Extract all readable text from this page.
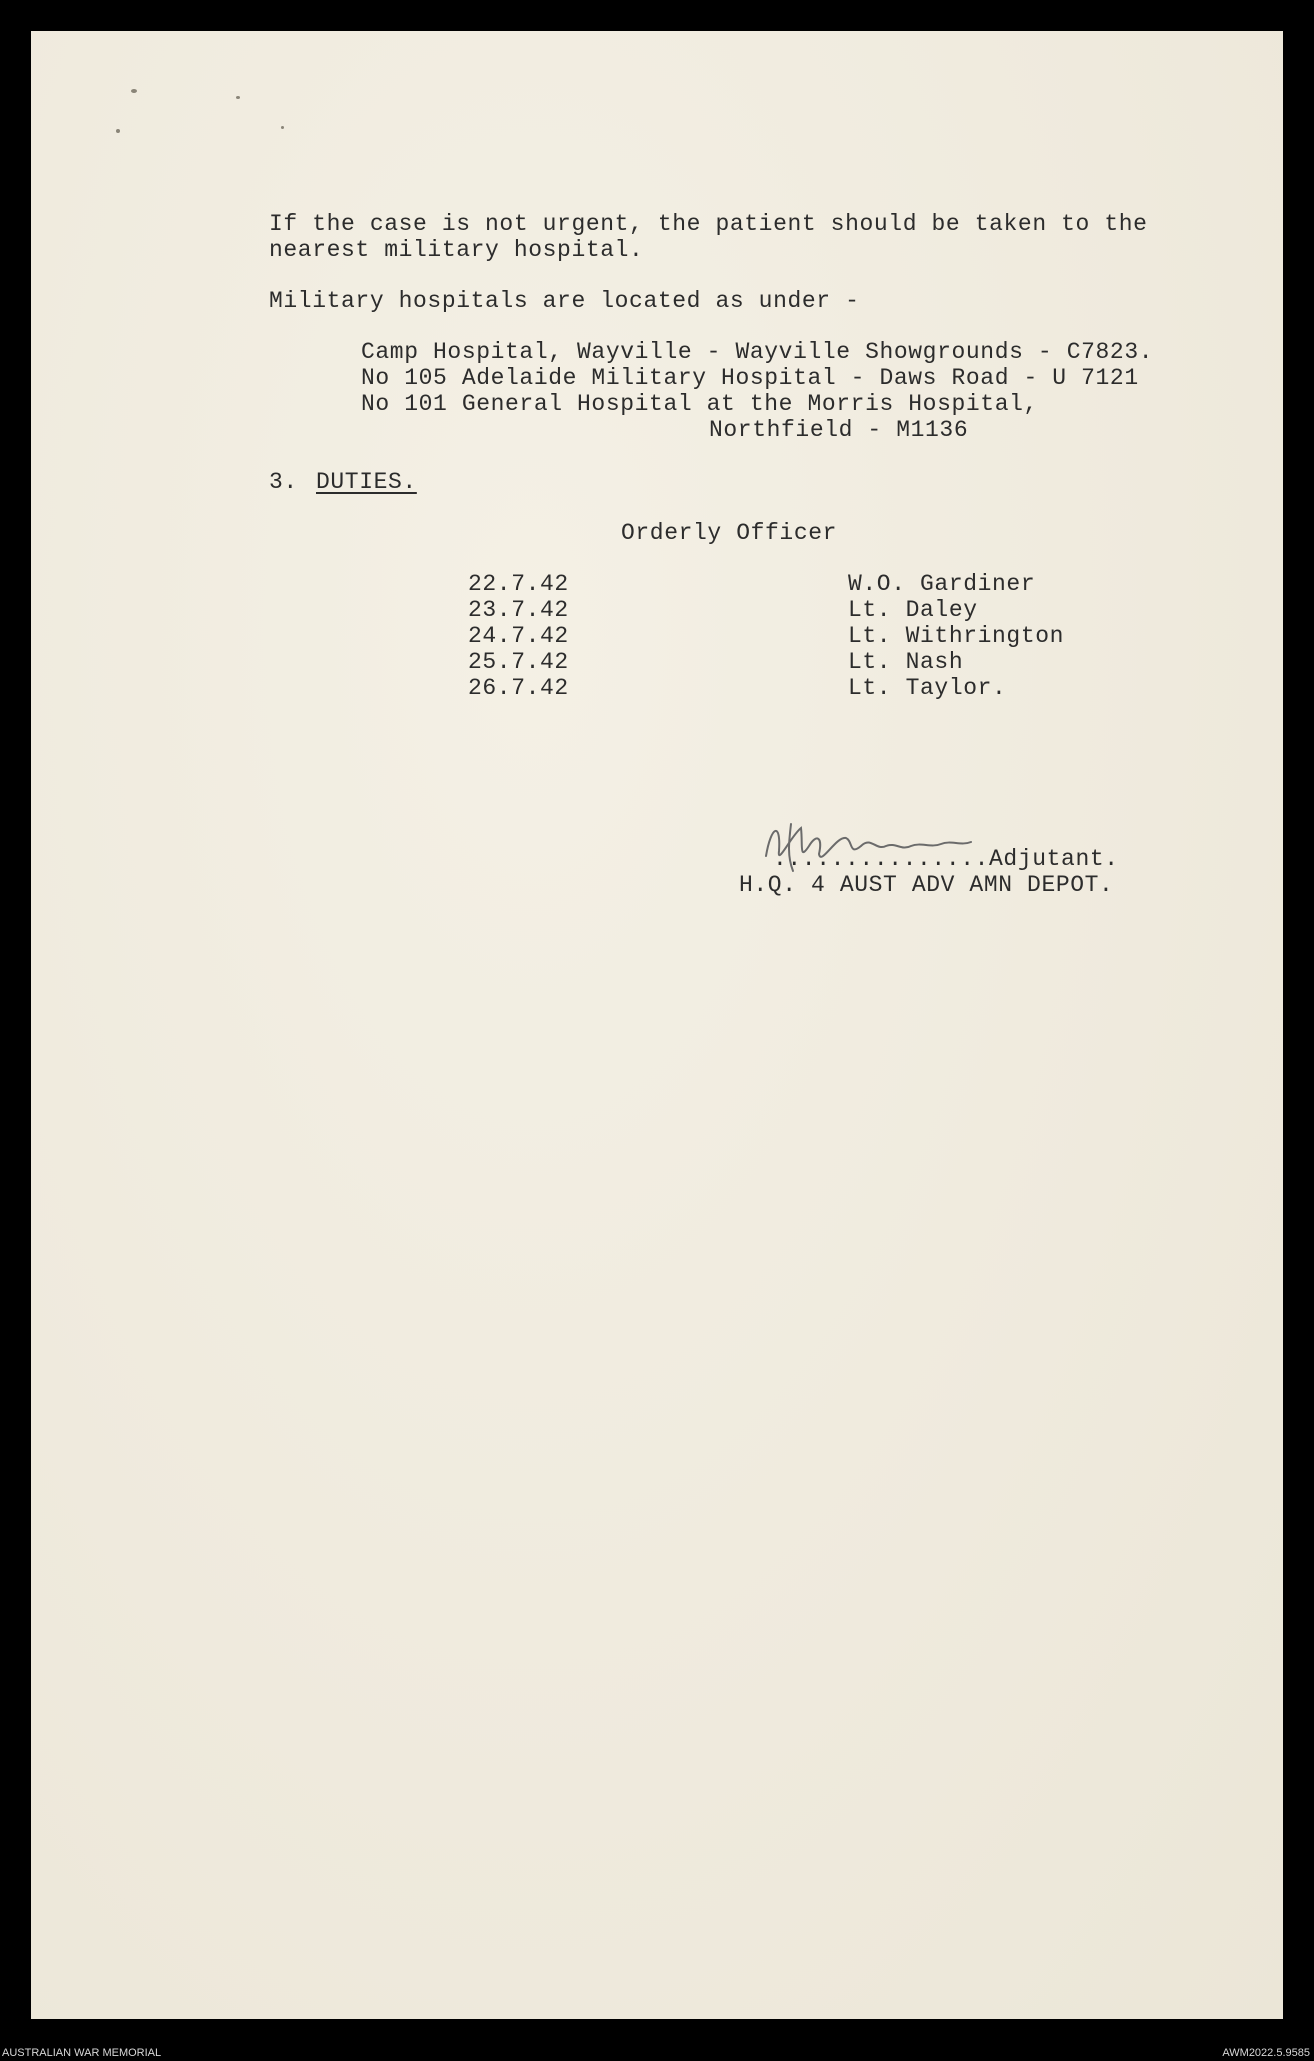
If the case is not urgent, the patient should be taken to the
nearest military hospital.
Military hospitals are located as under -
Camp Hospital, Wayville - Wayville Showgrounds - C7823.
No 105 Adelaide Military Hospital - Daws Road - U 7121
No 101 General Hospital at the Morris Hospital,
Northfield - M1136
3. DUTIES.
Orderly Officer
22.7.42	W.O. Gardiner
23.7.42	Lt. Daley
24.7.42	Lt. Withrington
25.7.42	Lt. Nash
26.7.42	Lt. Taylor.
...............Adjutant.
H.Q. 4 AUST ADV AMN DEPOT.
AUSTRALIAN WAR MEMORIAL	AWM2022.5.9585
